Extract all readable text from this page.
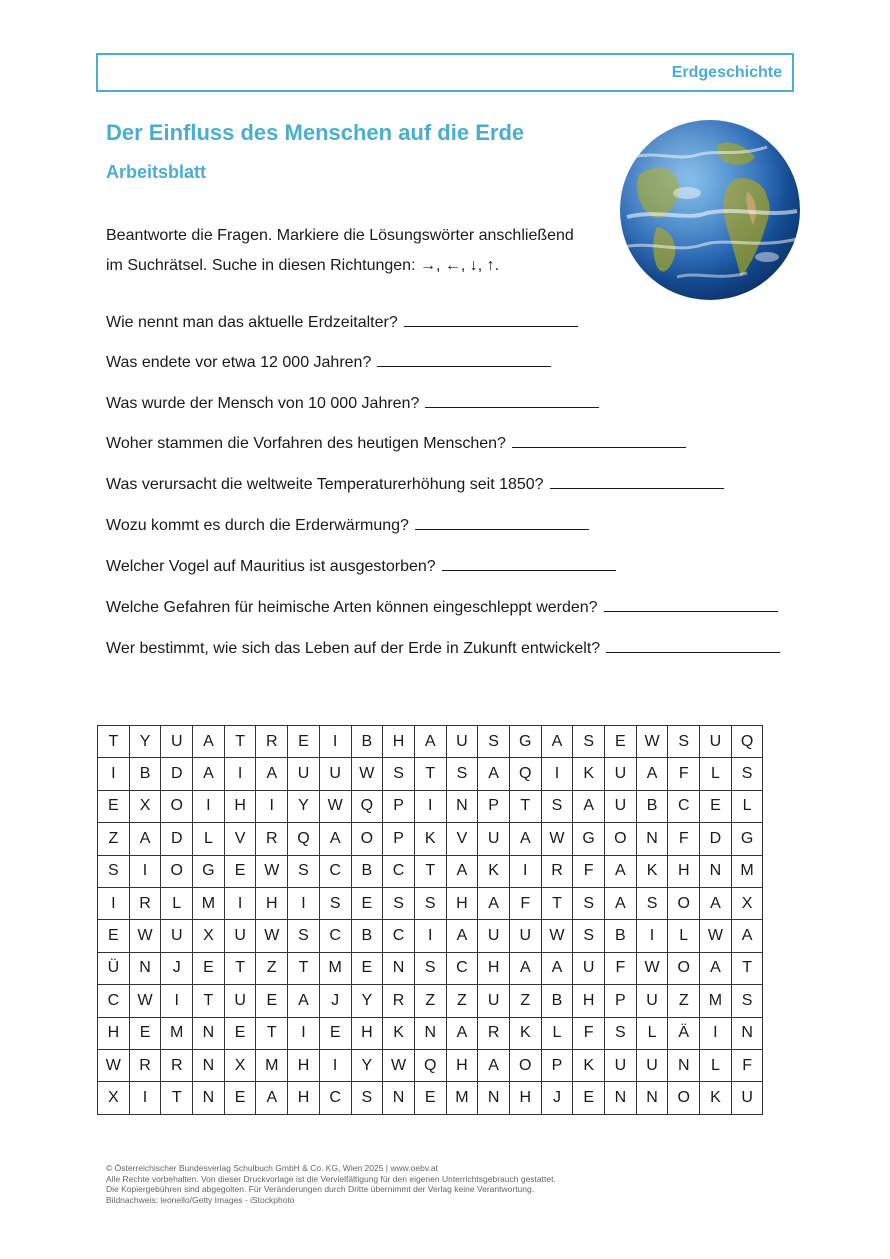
Erdgeschichte
Der Einfluss des Menschen auf die Erde
Arbeitsblatt
Beantworte die Fragen. Markiere die Lösungswörter anschließend
im Suchrätsel. Suche in diesen Richtungen: →, ←, ↓, ↑.
Wie nennt man das aktuelle Erdzeitalter?
Was endete vor etwa 12 000 Jahren?
Was wurde der Mensch von 10 000 Jahren?
Woher stammen die Vorfahren des heutigen Menschen?
Was verursacht die weltweite Temperaturerhöhung seit 1850?
Wozu kommt es durch die Erderwärmung?
Welcher Vogel auf Mauritius ist ausgestorben?
Welche Gefahren für heimische Arten können eingeschleppt werden?
Wer bestimmt, wie sich das Leben auf der Erde in Zukunft entwickelt?
T	Y	U	A	T	R	E	I	B	H	A	U	S	G	A	S	E	W	S	U	Q
I	B	D	A	I	A	U	U	W	S	T	S	A	Q	I	K	U	A	F	L	S
E	X	O	I	H	I	Y	W	Q	P	I	N	P	T	S	A	U	B	C	E	L
Z	A	D	L	V	R	Q	A	O	P	K	V	U	A	W	G	O	N	F	D	G
S	I	O	G	E	W	S	C	B	C	T	A	K	I	R	F	A	K	H	N	M
I	R	L	M	I	H	I	S	E	S	S	H	A	F	T	S	A	S	O	A	X
E	W	U	X	U	W	S	C	B	C	I	A	U	U	W	S	B	I	L	W	A
Ü	N	J	E	T	Z	T	M	E	N	S	C	H	A	A	U	F	W	O	A	T
C	W	I	T	U	E	A	J	Y	R	Z	Z	U	Z	B	H	P	U	Z	M	S
H	E	M	N	E	T	I	E	H	K	N	A	R	K	L	F	S	L	Ä	I	N
W	R	R	N	X	M	H	I	Y	W	Q	H	A	O	P	K	U	U	N	L	F
X	I	T	N	E	A	H	C	S	N	E	M	N	H	J	E	N	N	O	K	U
© Österreichischer Bundesverlag Schulbuch GmbH & Co. KG, Wien 2025 | www.oebv.at
Alle Rechte vorbehalten. Von dieser Druckvorlage ist die Vervielfältigung für den eigenen Unterrichtsgebrauch gestattet.
Die Kopiergebühren sind abgegolten. Für Veränderungen durch Dritte übernimmt der Verlag keine Verantwortung.
Bildnachweis: leonello/Getty Images - iStockphoto
